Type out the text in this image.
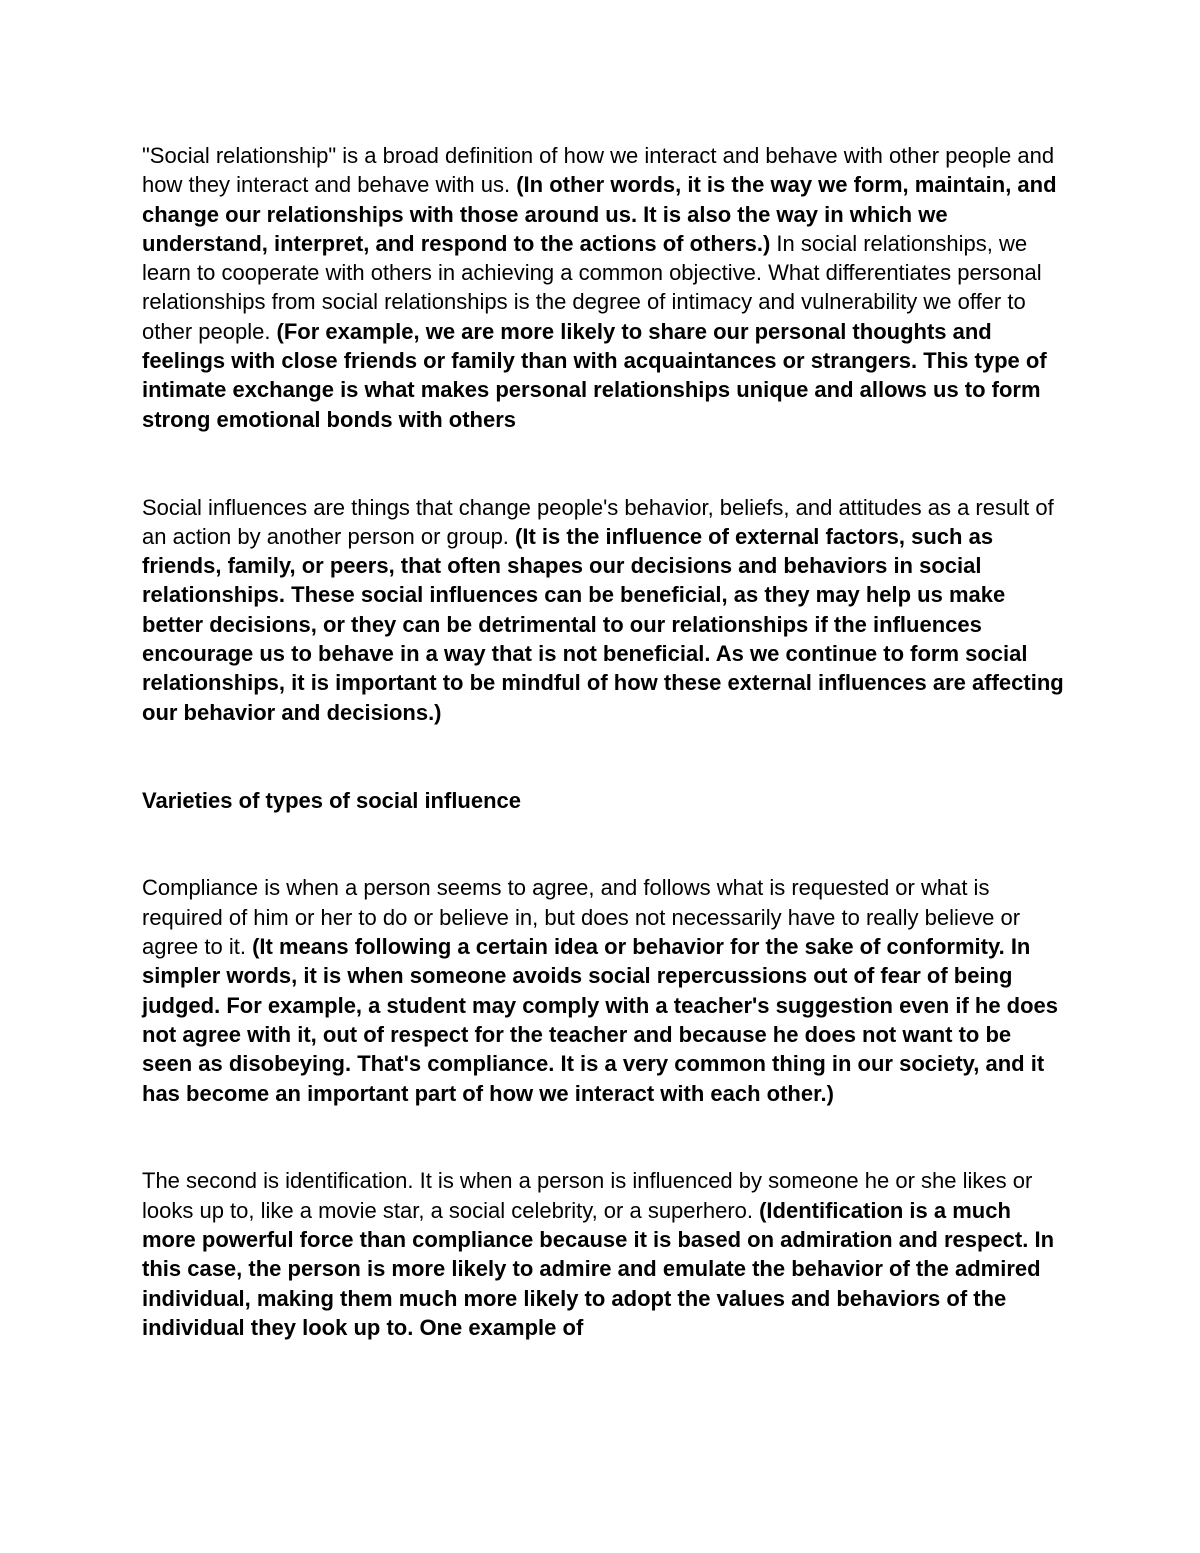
"Social relationship" is a broad definition of how we interact and behave with other people and how they interact and behave with us. (In other words, it is the way we form, maintain, and change our relationships with those around us. It is also the way in which we understand, interpret, and respond to the actions of others.) In social relationships, we learn to cooperate with others in achieving a common objective. What differentiates personal relationships from social relationships is the degree of intimacy and vulnerability we offer to other people. (For example, we are more likely to share our personal thoughts and feelings with close friends or family than with acquaintances or strangers. This type of intimate exchange is what makes personal relationships unique and allows us to form strong emotional bonds with others

Social influences are things that change people's behavior, beliefs, and attitudes as a result of an action by another person or group. (It is the influence of external factors, such as friends, family, or peers, that often shapes our decisions and behaviors in social relationships. These social influences can be beneficial, as they may help us make better decisions, or they can be detrimental to our relationships if the influences encourage us to behave in a way that is not beneficial. As we continue to form social relationships, it is important to be mindful of how these external influences are affecting our behavior and decisions.)

Varieties of types of social influence

Compliance is when a person seems to agree, and follows what is requested or what is required of him or her to do or believe in, but does not necessarily have to really believe or agree to it. (It means following a certain idea or behavior for the sake of conformity. In simpler words, it is when someone avoids social repercussions out of fear of being judged. For example, a student may comply with a teacher's suggestion even if he does not agree with it, out of respect for the teacher and because he does not want to be seen as disobeying. That's compliance. It is a very common thing in our society, and it has become an important part of how we interact with each other.)

The second is identification. It is when a person is influenced by someone he or she likes or looks up to, like a movie star, a social celebrity, or a superhero. (Identification is a much more powerful force than compliance because it is based on admiration and respect. In this case, the person is more likely to admire and emulate the behavior of the admired individual, making them much more likely to adopt the values and behaviors of the individual they look up to. One example of
